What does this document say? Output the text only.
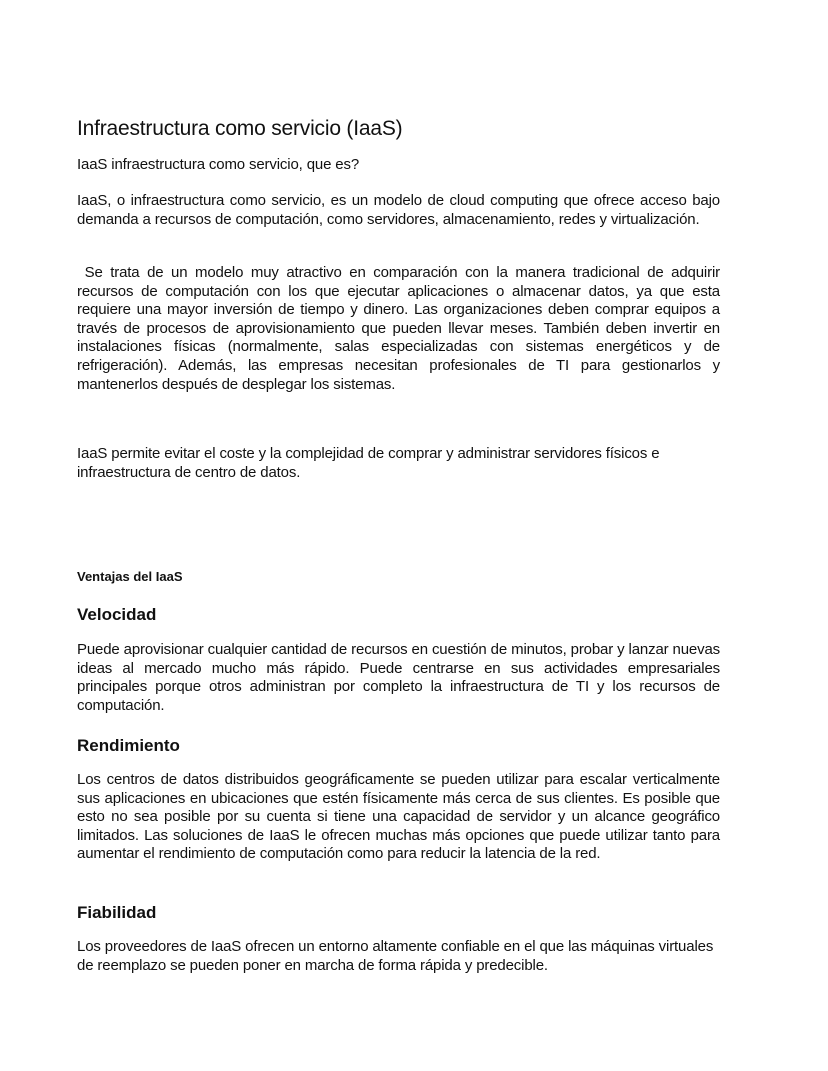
Infraestructura como servicio (IaaS)

IaaS infraestructura como servicio, que es?

IaaS, o infraestructura como servicio, es un modelo de cloud computing que ofrece acceso bajo demanda a recursos de computación, como servidores, almacenamiento, redes y virtualización.

Se trata de un modelo muy atractivo en comparación con la manera tradicional de adquirir recursos de computación con los que ejecutar aplicaciones o almacenar datos, ya que esta requiere una mayor inversión de tiempo y dinero. Las organizaciones deben comprar equipos a través de procesos de aprovisionamiento que pueden llevar meses. También deben invertir en instalaciones físicas (normalmente, salas especializadas con sistemas energéticos y de refrigeración). Además, las empresas necesitan profesionales de TI para gestionarlos y mantenerlos después de desplegar los sistemas.

IaaS permite evitar el coste y la complejidad de comprar y administrar servidores físicos e infraestructura de centro de datos.

Ventajas del IaaS
Velocidad

Puede aprovisionar cualquier cantidad de recursos en cuestión de minutos, probar y lanzar nuevas ideas al mercado mucho más rápido. Puede centrarse en sus actividades empresariales principales porque otros administran por completo la infraestructura de TI y los recursos de computación.

Rendimiento

Los centros de datos distribuidos geográficamente se pueden utilizar para escalar verticalmente sus aplicaciones en ubicaciones que estén físicamente más cerca de sus clientes. Es posible que esto no sea posible por su cuenta si tiene una capacidad de servidor y un alcance geográfico limitados. Las soluciones de IaaS le ofrecen muchas más opciones que puede utilizar tanto para aumentar el rendimiento de computación como para reducir la latencia de la red.

Fiabilidad

Los proveedores de IaaS ofrecen un entorno altamente confiable en el que las máquinas virtuales de reemplazo se pueden poner en marcha de forma rápida y predecible.
